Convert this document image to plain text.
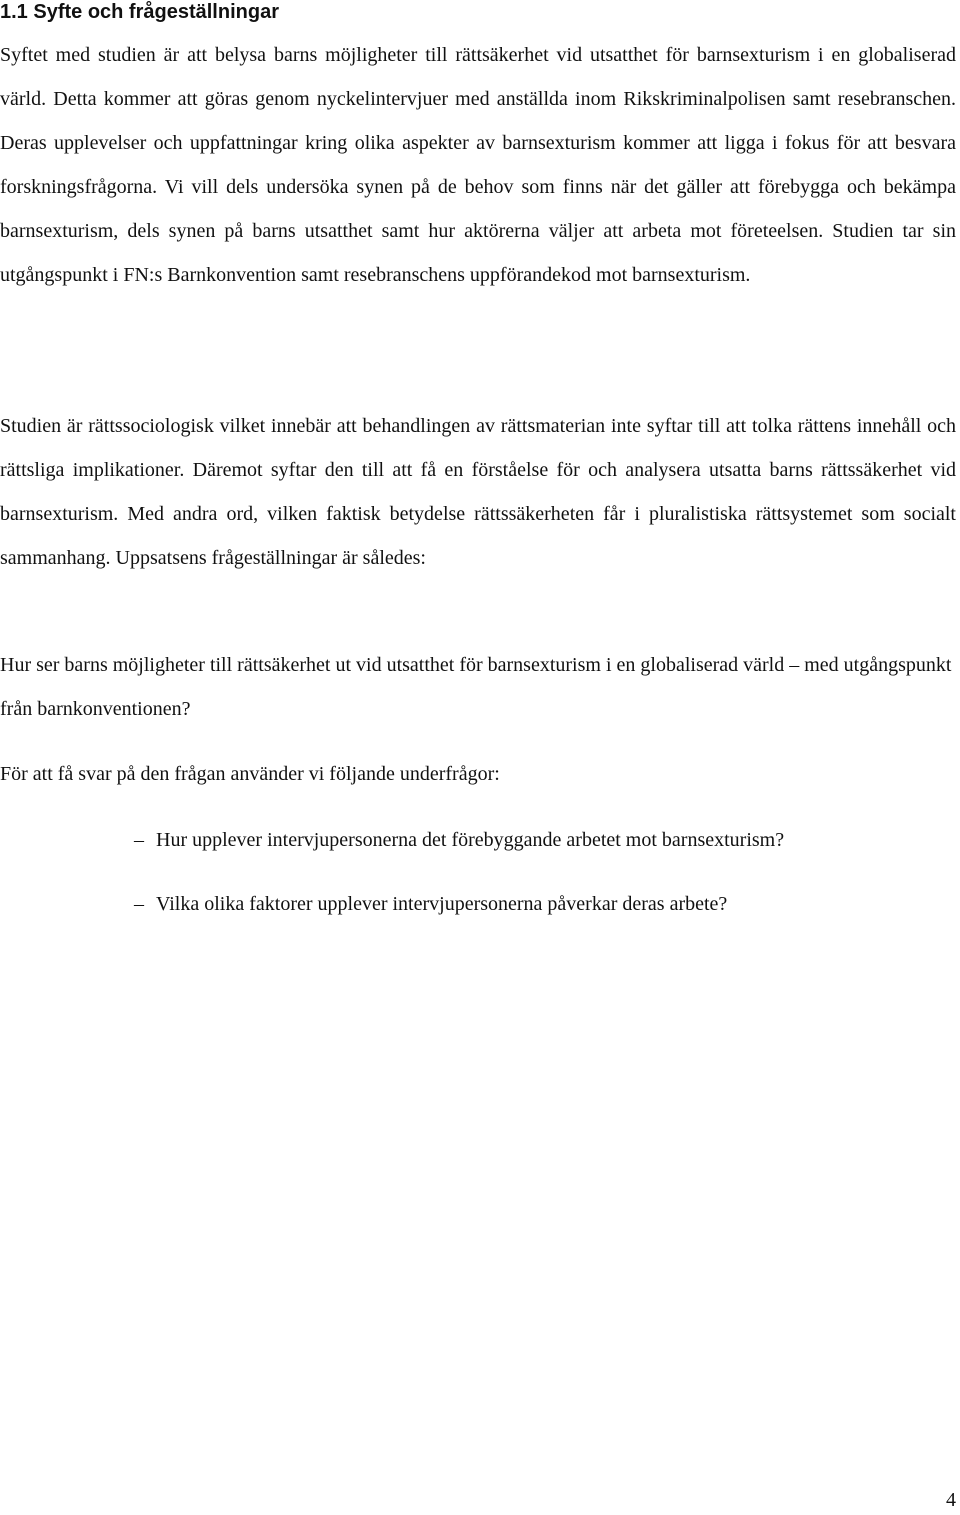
1.1 Syfte och frågeställningar

Syftet med studien är att belysa barns möjligheter till rättsäkerhet vid utsatthet för barnsexturism i en globaliserad värld. Detta kommer att göras genom nyckelintervjuer med anställda inom Rikskriminalpolisen samt resebranschen. Deras upplevelser och uppfattningar kring olika aspekter av barnsexturism kommer att ligga i fokus för att besvara forskningsfrågorna. Vi vill dels undersöka synen på de behov som finns när det gäller att förebygga och bekämpa barnsexturism, dels synen på barns utsatthet samt hur aktörerna väljer att arbeta mot företeelsen. Studien tar sin utgångspunkt i FN:s Barnkonvention samt resebranschens uppförandekod mot barnsexturism.

Studien är rättssociologisk vilket innebär att behandlingen av rättsmaterian inte syftar till att tolka rättens innehåll och rättsliga implikationer. Däremot syftar den till att få en förståelse för och analysera utsatta barns rättssäkerhet vid barnsexturism. Med andra ord, vilken faktisk betydelse rättssäkerheten får i pluralistiska rättsystemet som socialt sammanhang. Uppsatsens frågeställningar är således:

Hur ser barns möjligheter till rättsäkerhet ut vid utsatthet för barnsexturism i en globaliserad värld – med utgångspunkt från barnkonventionen?

För att få svar på den frågan använder vi följande underfrågor:

– Hur upplever intervjupersonerna det förebyggande arbetet mot barnsexturism?
– Vilka olika faktorer upplever intervjupersonerna påverkar deras arbete?
4
